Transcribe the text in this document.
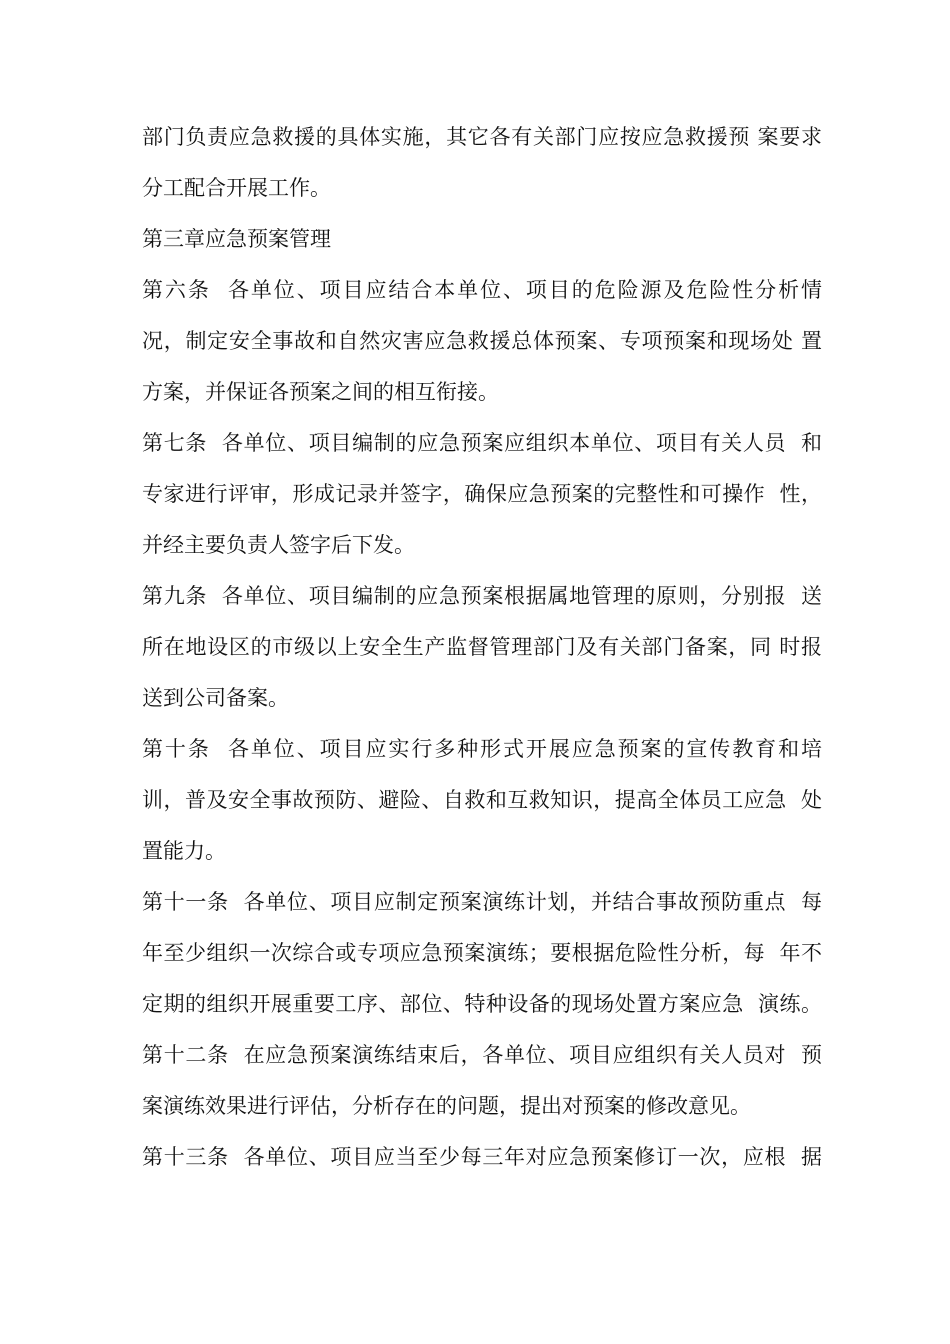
部门负责应急救援的具体实施，其它各有关部门应按应急救援预 案要求
分工配合开展工作。
第三章应急预案管理
第六条  各单位、项目应结合本单位、项目的危险源及危险性分析情
况，制定安全事故和自然灾害应急救援总体预案、专项预案和现场处 置
方案，并保证各预案之间的相互衔接。
第七条  各单位、项目编制的应急预案应组织本单位、项目有关人员  和
专家进行评审，形成记录并签字，确保应急预案的完整性和可操作  性，
并经主要负责人签字后下发。
第九条  各单位、项目编制的应急预案根据属地管理的原则，分别报  送
所在地设区的市级以上安全生产监督管理部门及有关部门备案，同 时报
送到公司备案。
第十条  各单位、项目应实行多种形式开展应急预案的宣传教育和培
训，普及安全事故预防、避险、自救和互救知识，提高全体员工应急  处
置能力。
第十一条  各单位、项目应制定预案演练计划，并结合事故预防重点  每
年至少组织一次综合或专项应急预案演练；要根据危险性分析，每  年不
定期的组织开展重要工序、部位、特种设备的现场处置方案应急  演练。
第十二条  在应急预案演练结束后，各单位、项目应组织有关人员对  预
案演练效果进行评估，分析存在的问题，提出对预案的修改意见。
第十三条  各单位、项目应当至少每三年对应急预案修订一次，应根  据
